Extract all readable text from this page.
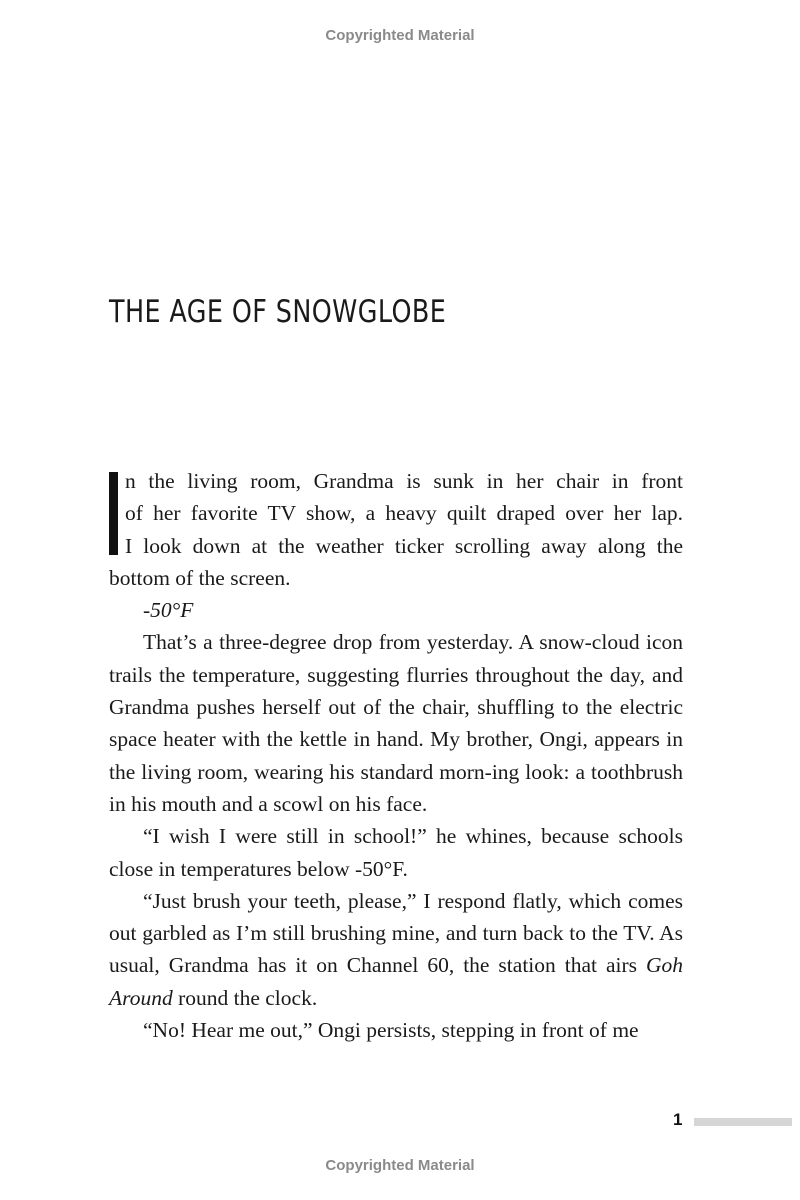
Copyrighted Material
THE AGE OF SNOWGLOBE
n the living room, Grandma is sunk in her chair in front
of her favorite TV show, a heavy quilt draped over her lap.
I look down at the weather ticker scrolling away along the
bottom of the screen.

-50°F

That’s a three-degree drop from yesterday. A snow-cloud icon trails the temperature, suggesting flurries throughout the day, and Grandma pushes herself out of the chair, shuffling to the electric space heater with the kettle in hand. My brother, Ongi, appears in the living room, wearing his standard morn-ing look: a toothbrush in his mouth and a scowl on his face.

“I wish I were still in school!” he whines, because schools close in temperatures below -50°F.

“Just brush your teeth, please,” I respond flatly, which comes out garbled as I’m still brushing mine, and turn back to the TV. As usual, Grandma has it on Channel 60, the station that airs Goh Around round the clock.

“No! Hear me out,” Ongi persists, stepping in front of me

1
Copyrighted Material
